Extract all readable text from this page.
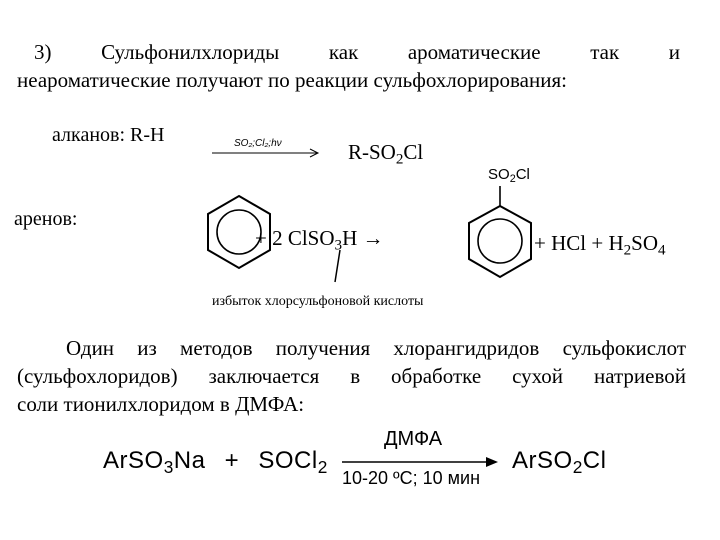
3) Сульфонилхлориды как ароматические так и
неароматические получают по реакции сульфохлорирования:
алканов: R-H	SO₂;Cl₂;hν	$R-SO_2Cl$
аренов:
+ 2 ClSO$_3$H →
$SO_2Cl$
+ HCl + $H_2SO_4$
избыток хлорсульфоновой кислоты
Один из методов получения хлорангидридов сульфокислот
(сульфохлоридов) заключается в обработке сухой натриевой
соли тионилхлоридом в ДМФА:
ArSO$_3$Na + SOCl$_2$
ДМФА
10-20 ºC; 10 мин
ArSO$_2$Cl
